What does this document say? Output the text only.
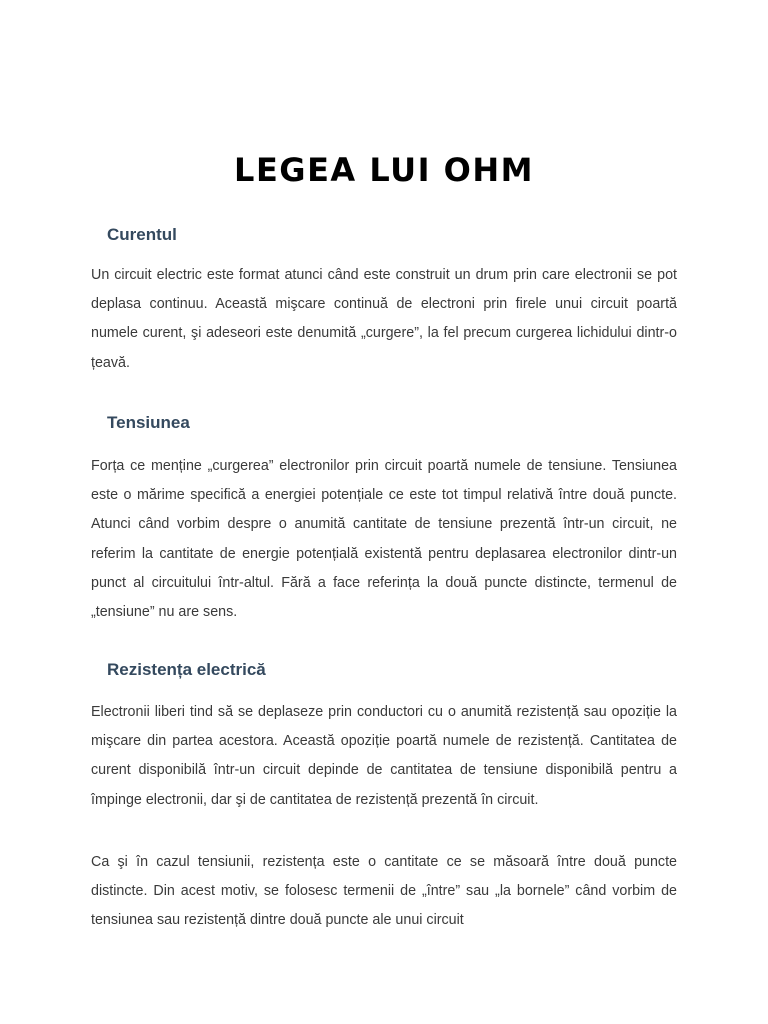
LEGEA LUI OHM
Curentul

Un circuit electric este format atunci când este construit un drum prin care electronii se pot deplasa continuu. Această mişcare continuă de electroni prin firele unui circuit poartă numele curent, şi adeseori este denumită „curgere”, la fel precum curgerea lichidului dintr-o țeavă.

Tensiunea

Forța ce menține „curgerea” electronilor prin circuit poartă numele de tensiune. Tensiunea este o mărime specifică a energiei potențiale ce este tot timpul relativă între două puncte. Atunci când vorbim despre o anumită cantitate de tensiune prezentă într-un circuit, ne referim la cantitate de energie potențială existentă pentru deplasarea electronilor dintr-un punct al circuitului într-altul. Fără a face referința la două puncte distincte, termenul de „tensiune” nu are sens.

Rezistența electrică

Electronii liberi tind să se deplaseze prin conductori cu o anumită rezistență sau opoziție la mişcare din partea acestora. Această opoziție poartă numele de rezistență. Cantitatea de curent disponibilă într-un circuit depinde de cantitatea de tensiune disponibilă pentru a împinge electronii, dar şi de cantitatea de rezistență prezentă în circuit.

Ca şi în cazul tensiunii, rezistența este o cantitate ce se măsoară între două puncte distincte. Din acest motiv, se folosesc termenii de „între” sau „la bornele” când vorbim de tensiunea sau rezistență dintre două puncte ale unui circuit
